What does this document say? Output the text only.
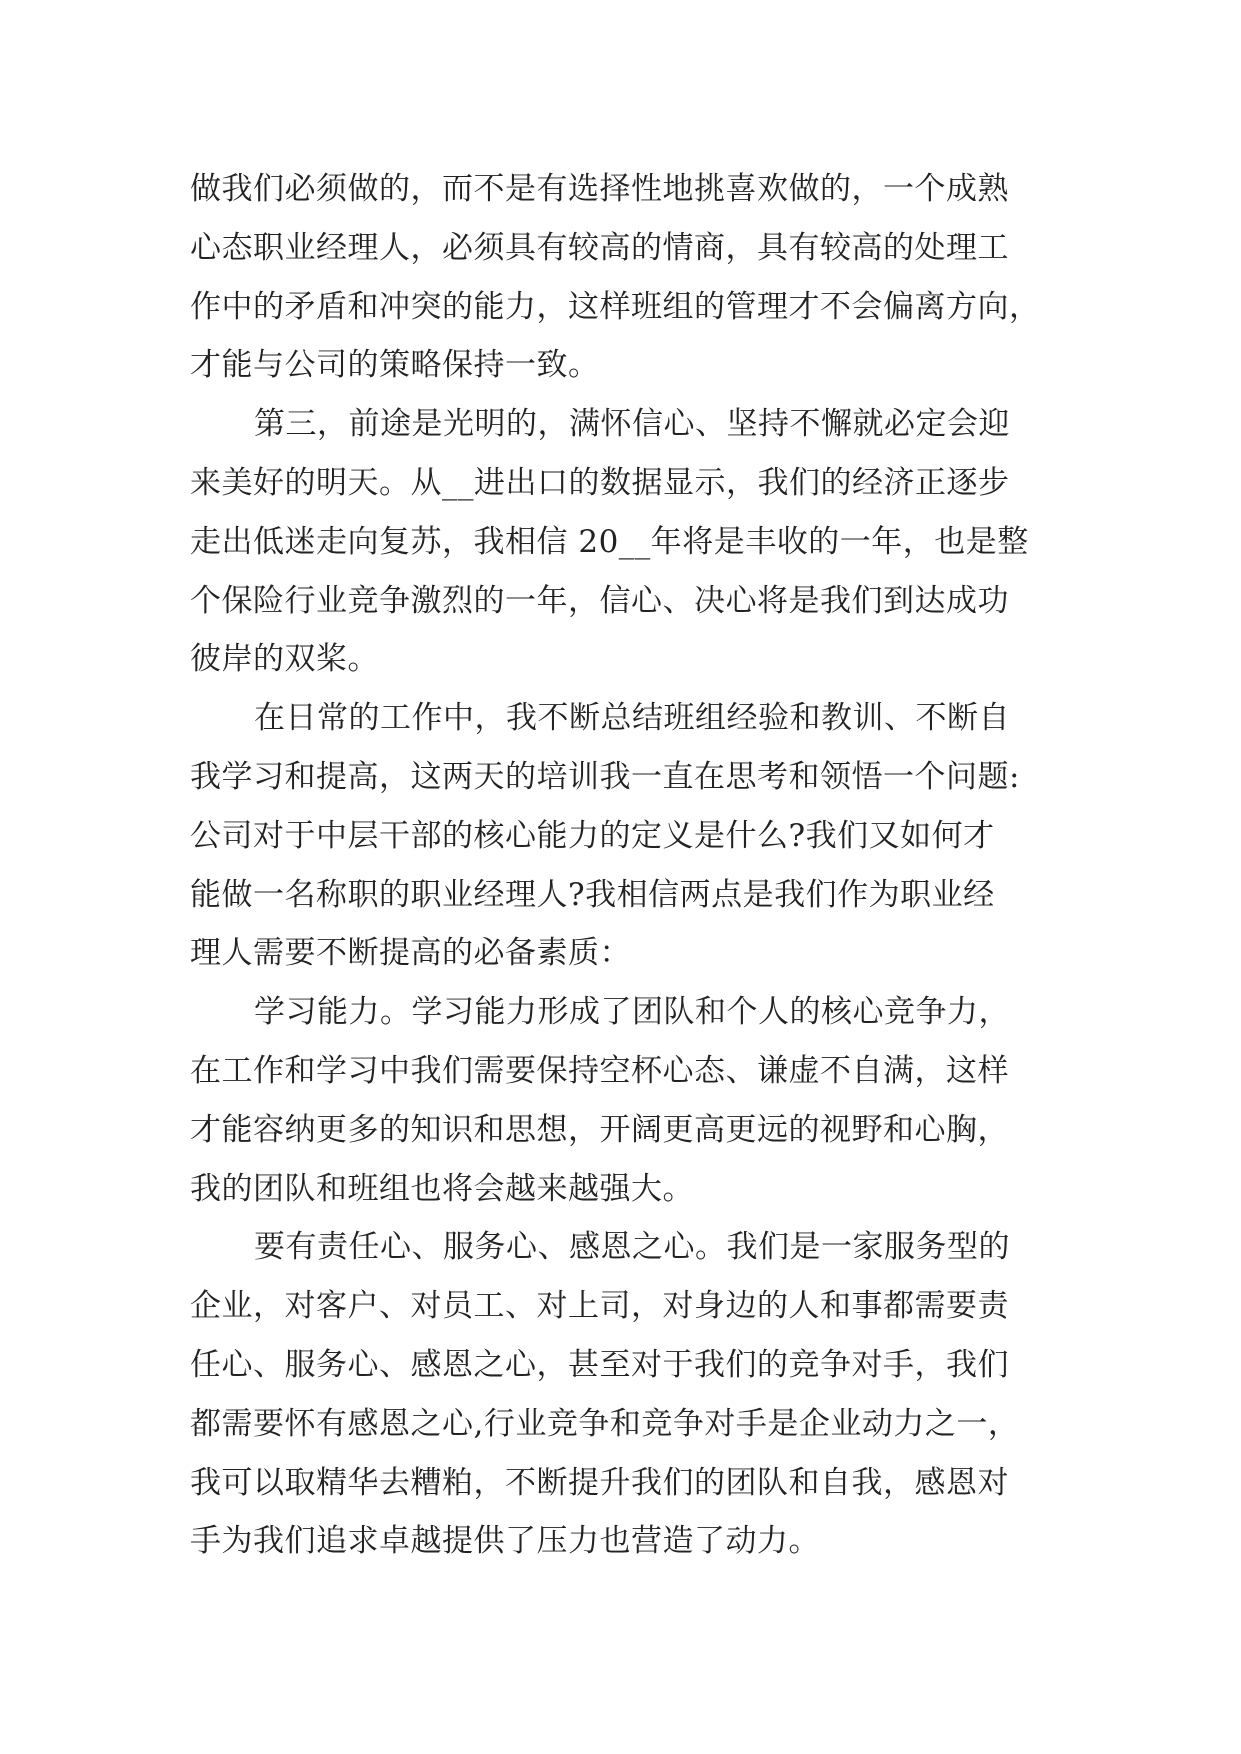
做我们必须做的，而不是有选择性地挑喜欢做的，一个成熟
心态职业经理人，必须具有较高的情商，具有较高的处理工
作中的矛盾和冲突的能力，这样班组的管理才不会偏离方向，
才能与公司的策略保持一致。
第三，前途是光明的，满怀信心、坚持不懈就必定会迎
来美好的明天。从__进出口的数据显示，我们的经济正逐步
走出低迷走向复苏，我相信 20__年将是丰收的一年，也是整
个保险行业竞争激烈的一年，信心、决心将是我们到达成功
彼岸的双桨。
在日常的工作中，我不断总结班组经验和教训、不断自
我学习和提高，这两天的培训我一直在思考和领悟一个问题:
公司对于中层干部的核心能力的定义是什么?我们又如何才
能做一名称职的职业经理人?我相信两点是我们作为职业经
理人需要不断提高的必备素质：
学习能力。学习能力形成了团队和个人的核心竞争力，
在工作和学习中我们需要保持空杯心态、谦虚不自满，这样
才能容纳更多的知识和思想，开阔更高更远的视野和心胸，
我的团队和班组也将会越来越强大。
要有责任心、服务心、感恩之心。我们是一家服务型的
企业，对客户、对员工、对上司，对身边的人和事都需要责
任心、服务心、感恩之心，甚至对于我们的竞争对手，我们
都需要怀有感恩之心,行业竞争和竞争对手是企业动力之一，
我可以取精华去糟粕，不断提升我们的团队和自我，感恩对
手为我们追求卓越提供了压力也营造了动力。
